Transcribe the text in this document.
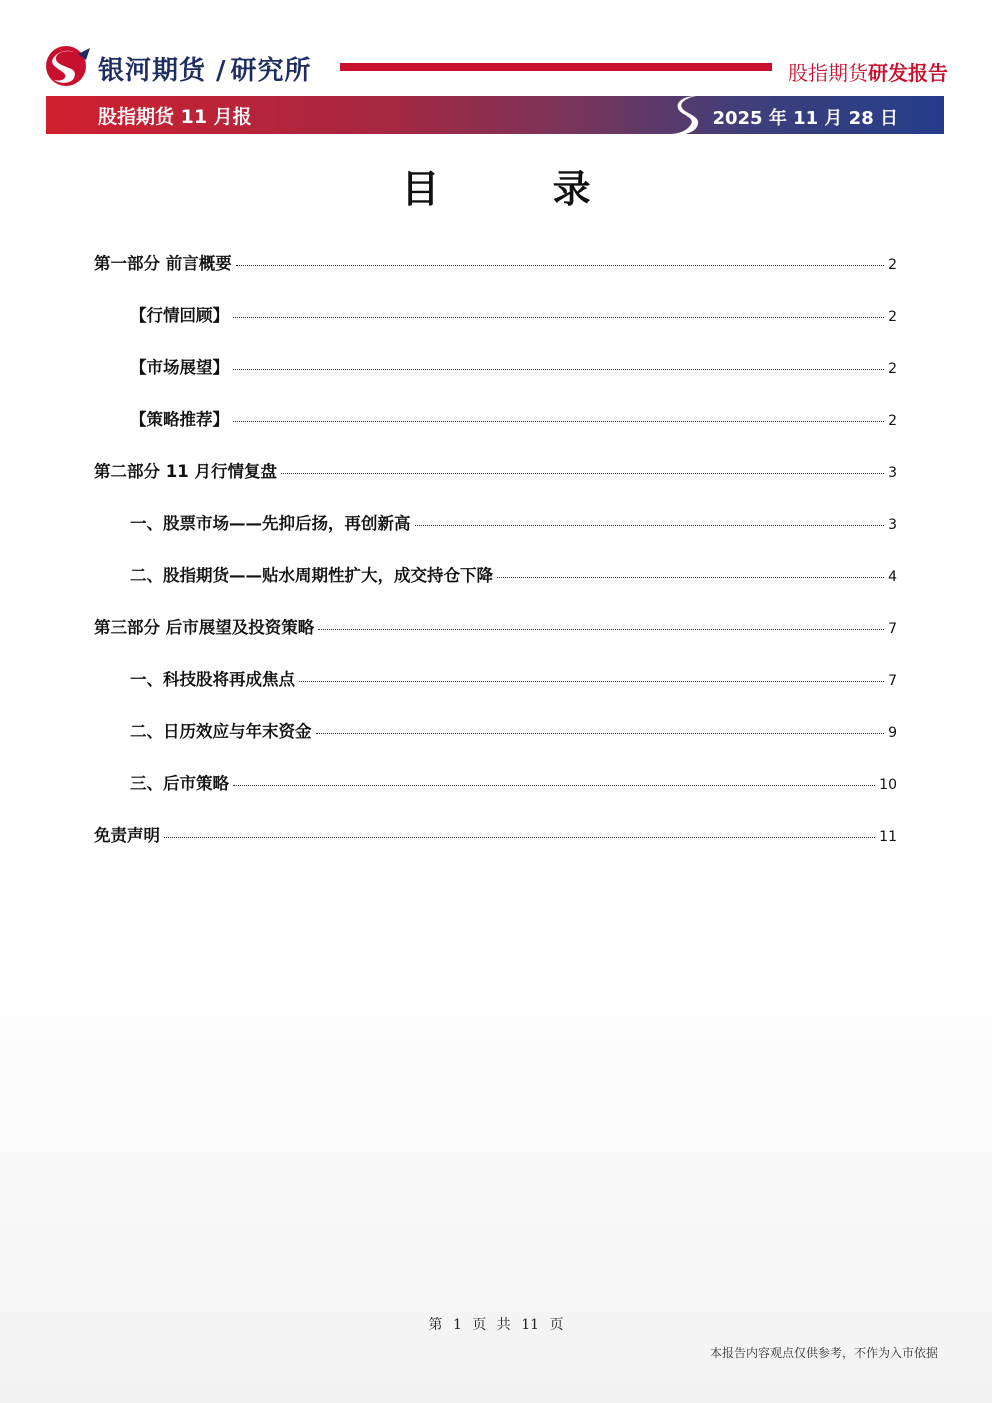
银河期货 / 研究所	股指期货研发报告
股指期货 11 月报	2025 年 11 月 28 日
目 录
第一部分 前言概要	2
【行情回顾】	2
【市场展望】	2
【策略推荐】	2
第二部分 11 月行情复盘	3
一、股票市场——先抑后扬，再创新高	3
二、股指期货——贴水周期性扩大，成交持仓下降	4
第三部分 后市展望及投资策略	7
一、科技股将再成焦点	7
二、日历效应与年末资金	9
三、后市策略	10
免责声明	11
第 1 页 共 11 页
本报告内容观点仅供参考，不作为入市依据
